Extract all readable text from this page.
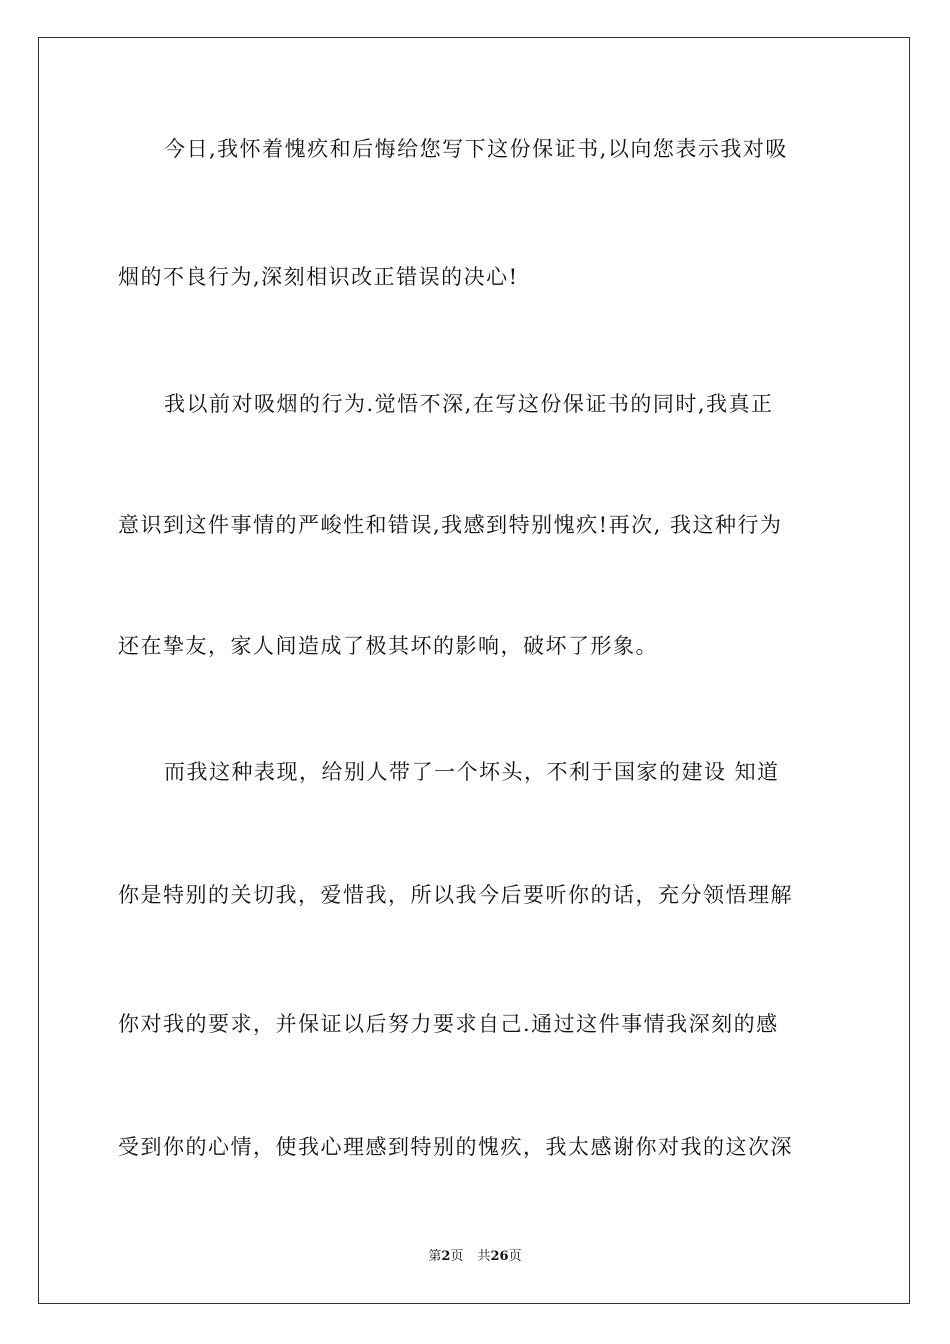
今日,我怀着愧疚和后悔给您写下这份保证书,以向您表示我对吸
烟的不良行为,深刻相识改正错误的决心!
我以前对吸烟的行为.觉悟不深,在写这份保证书的同时,我真正
意识到这件事情的严峻性和错误,我感到特别愧疚!再次, 我这种行为
还在挚友，家人间造成了极其坏的影响，破坏了形象。
而我这种表现，给别人带了一个坏头，不利于国家的建设 知道
你是特别的关切我，爱惜我，所以我今后要听你的话，充分领悟理解
你对我的要求，并保证以后努力要求自己.通过这件事情我深刻的感
受到你的心情，使我心理感到特别的愧疚，我太感谢你对我的这次深
第2页 共26页
